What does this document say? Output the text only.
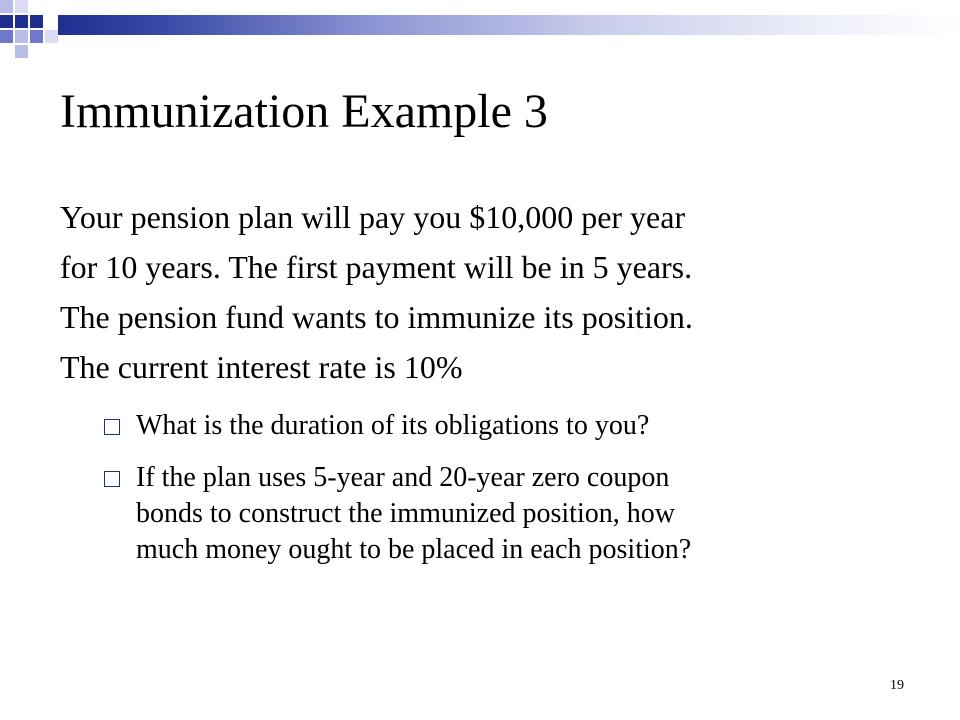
Immunization Example 3
Your pension plan will pay you $10,000 per year
for 10 years. The first payment will be in 5 years.
The pension fund wants to immunize its position.
The current interest rate is 10%
What is the duration of its obligations to you?
If the plan uses 5-year and 20-year zero coupon
bonds to construct the immunized position, how
much money ought to be placed in each position?
19
